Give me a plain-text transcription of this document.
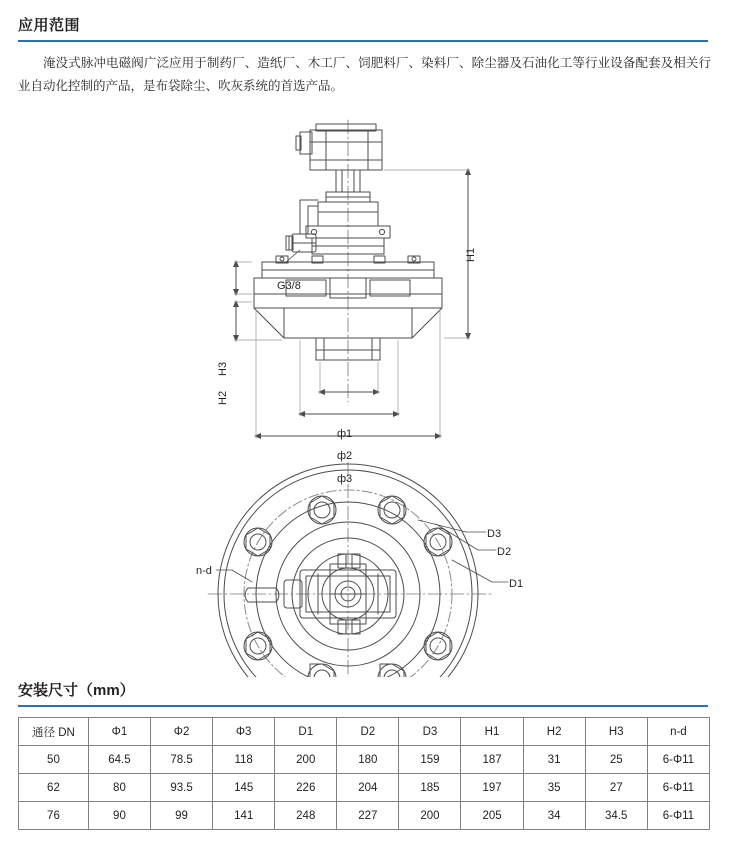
应用范围
淹没式脉冲电磁阀广泛应用于制药厂、造纸厂、木工厂、饲肥料厂、染料厂、除尘器及石油化工等行业设备配套及相关行业自动化控制的产品，是布袋除尘、吹灰系统的首选产品。
G3/8
H1
H3
H2
ф1
ф2
ф3
D1
D2
D3
n-d
安装尺寸（mm）
通径 DN	Φ1	Φ2	Φ3	D1	D2	D3	H1	H2	H3	n-d
50	64.5	78.5	118	200	180	159	187	31	25	6-Φ11
62	80	93.5	145	226	204	185	197	35	27	6-Φ11
76	90	99	141	248	227	200	205	34	34.5	6-Φ11
